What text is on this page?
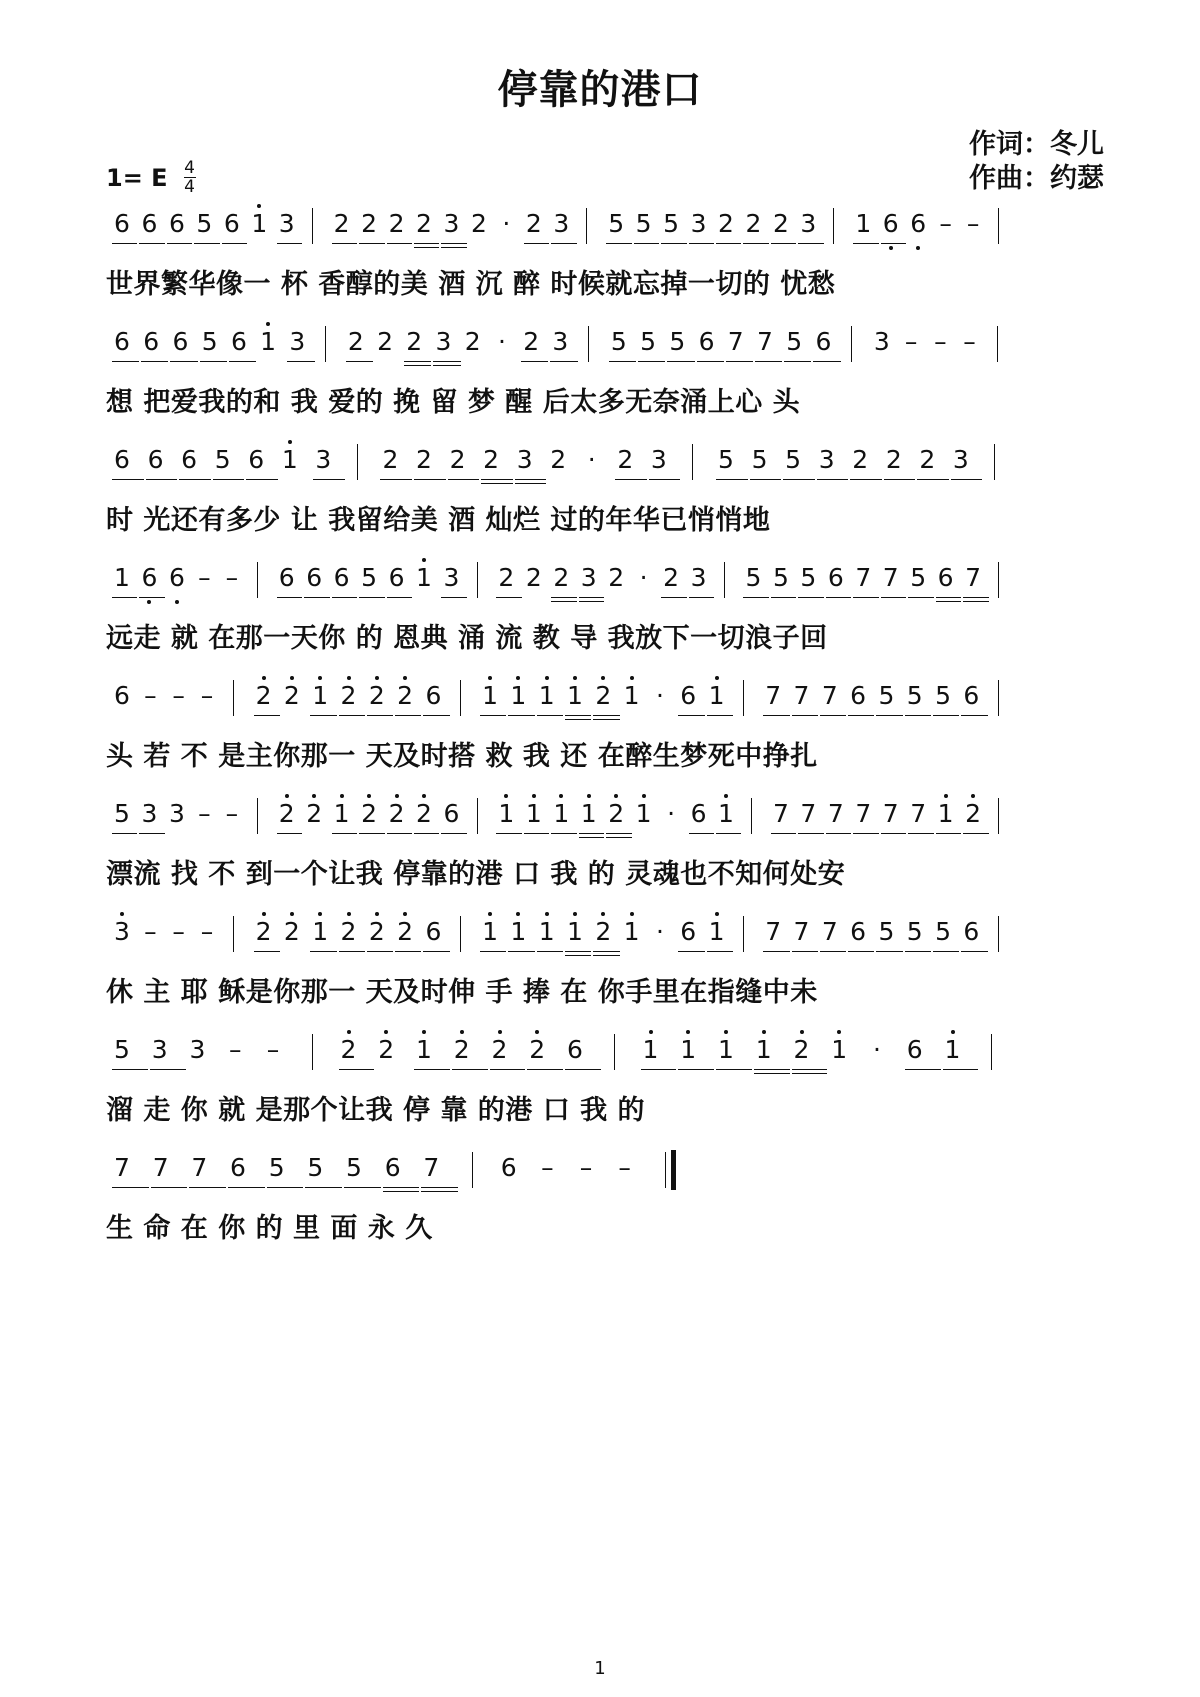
停靠的港口
作词：冬儿
作曲：约瑟
1= E 4
4
6 6 6 5 6 1 3 2 2 2 2 3 2 · 2 3 5 5 5 3 2 2 2 3 1 6 6 – –
世界繁华像一 杯 香醇的美 酒 沉 醉 时候就忘掉一切的 忧愁
6 6 6 5 6 1 3 2 2 2 3 2 · 2 3 5 5 5 6 7 7 5 6 3 – – –
想 把爱我的和 我 爱的 挽 留 梦 醒 后太多无奈涌上心 头
6 6 6 5 6 1 3 2 2 2 2 3 2 · 2 3 5 5 5 3 2 2 2 3
时 光还有多少 让 我留给美 酒 灿烂 过的年华已悄悄地
1 6 6 – – 6 6 6 5 6 1 3 2 2 2 3 2 · 2 3 5 5 5 6 7 7 5 6 7
远走 就 在那一天你 的 恩典 涌 流 教 导 我放下一切浪子回
6 – – – 2 2 1 2 2 2 6 1 1 1 1 2 1 · 6 1 7 7 7 6 5 5 5 6
头 若 不 是主你那一 天及时搭 救 我 还 在醉生梦死中挣扎
5 3 3 – – 2 2 1 2 2 2 6 1 1 1 1 2 1 · 6 1 7 7 7 7 7 7 1 2
漂流 找 不 到一个让我 停靠的港 口 我 的 灵魂也不知何处安
3 – – – 2 2 1 2 2 2 6 1 1 1 1 2 1 · 6 1 7 7 7 6 5 5 5 6
休 主 耶 稣是你那一 天及时伸 手 捧 在 你手里在指缝中未
5 3 3 – – 2 2 1 2 2 2 6 1 1 1 1 2 1	·	6 1
溜 走 你 就 是那个让我 停 靠 的港 口 我 的
7 7 7 6 5 5 5 6 7 6 – – –
生 命 在 你 的 里 面 永 久
1
